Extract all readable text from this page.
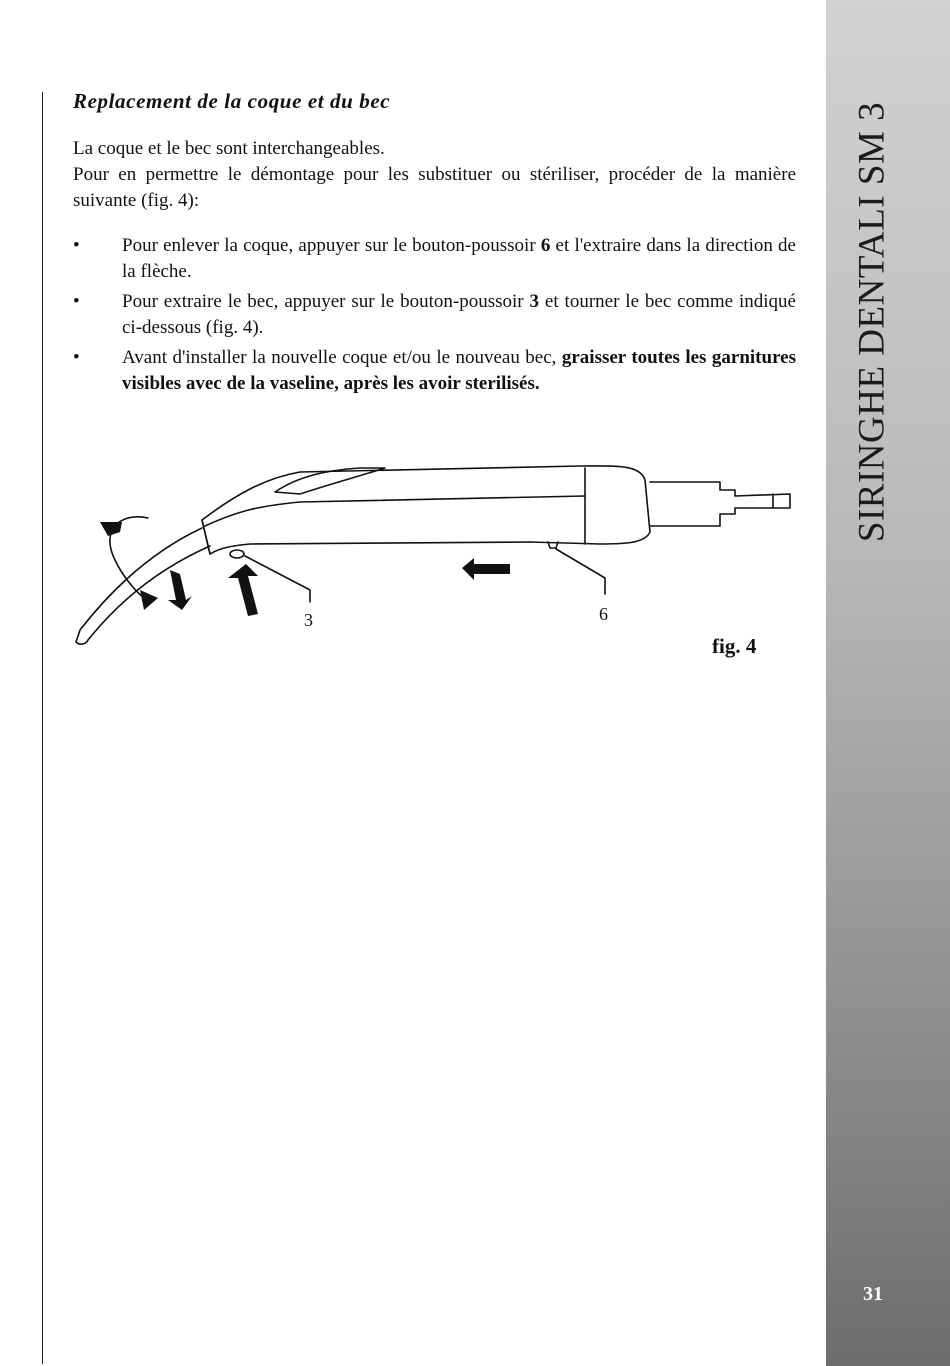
SIRINGHE DENTALI SM 3
31
Replacement de la coque et du bec

La coque et le bec sont interchangeables.

Pour en permettre le démontage pour les substituer ou stériliser, procéder de la manière suivante (fig. 4):

• Pour enlever la coque, appuyer sur le bouton-poussoir 6 et l'extraire dans la direction de la flèche.
• Pour extraire le bec, appuyer sur le bouton-poussoir 3 et tourner le bec comme indiqué ci-dessous (fig. 4).
• Avant d'installer la nouvelle coque et/ou le nouveau bec, graisser toutes les garnitures visibles avec de la vaseline, après les avoir sterilisés.
3	6
fig. 4
